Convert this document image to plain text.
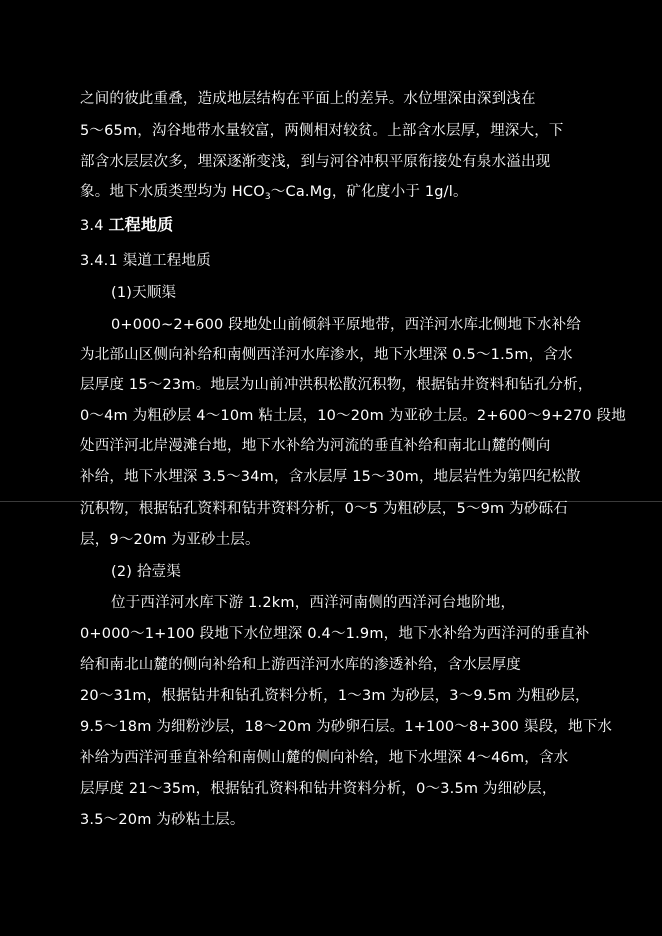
之间的彼此重叠，造成地层结构在平面上的差异。水位埋深由深到浅在
5～65m，沟谷地带水量较富，两侧相对较贫。上部含水层厚，埋深大，下
部含水层层次多，埋深逐渐变浅，到与河谷冲积平原衔接处有泉水溢出现
象。地下水质类型均为 $HCO_3\sim Ca.Mg$，矿化度小于 1g/l。
3.4 工程地质
3.4.1 渠道工程地质
(1)天顺渠
0+000~2+600 段地处山前倾斜平原地带，西洋河水库北侧地下水补给
为北部山区侧向补给和南侧西洋河水库渗水，地下水埋深 0.5～1.5m，含水
层厚度 15～23m。地层为山前冲洪积松散沉积物，根据钻井资料和钻孔分析，
0～4m 为粗砂层 4～10m 粘土层，10～20m 为亚砂土层。2+600～9+270 段地
处西洋河北岸漫滩台地，地下水补给为河流的垂直补给和南北山麓的侧向
补给，地下水埋深 3.5～34m，含水层厚 15～30m，地层岩性为第四纪松散
沉积物，根据钻孔资料和钻井资料分析，0～5 为粗砂层，5～9m 为砂砾石
层，9～20m 为亚砂土层。
(2) 拾壹渠
位于西洋河水库下游 1.2km，西洋河南侧的西洋河台地阶地，
0+000～1+100 段地下水位埋深 0.4～1.9m，地下水补给为西洋河的垂直补
给和南北山麓的侧向补给和上游西洋河水库的渗透补给，含水层厚度
20～31m，根据钻井和钻孔资料分析，1～3m 为砂层，3～9.5m 为粗砂层，
9.5～18m 为细粉沙层，18～20m 为砂卵石层。1+100～8+300 渠段，地下水
补给为西洋河垂直补给和南侧山麓的侧向补给，地下水埋深 4～46m，含水
层厚度 21～35m，根据钻孔资料和钻井资料分析，0～3.5m 为细砂层，
3.5～20m 为砂粘土层。
